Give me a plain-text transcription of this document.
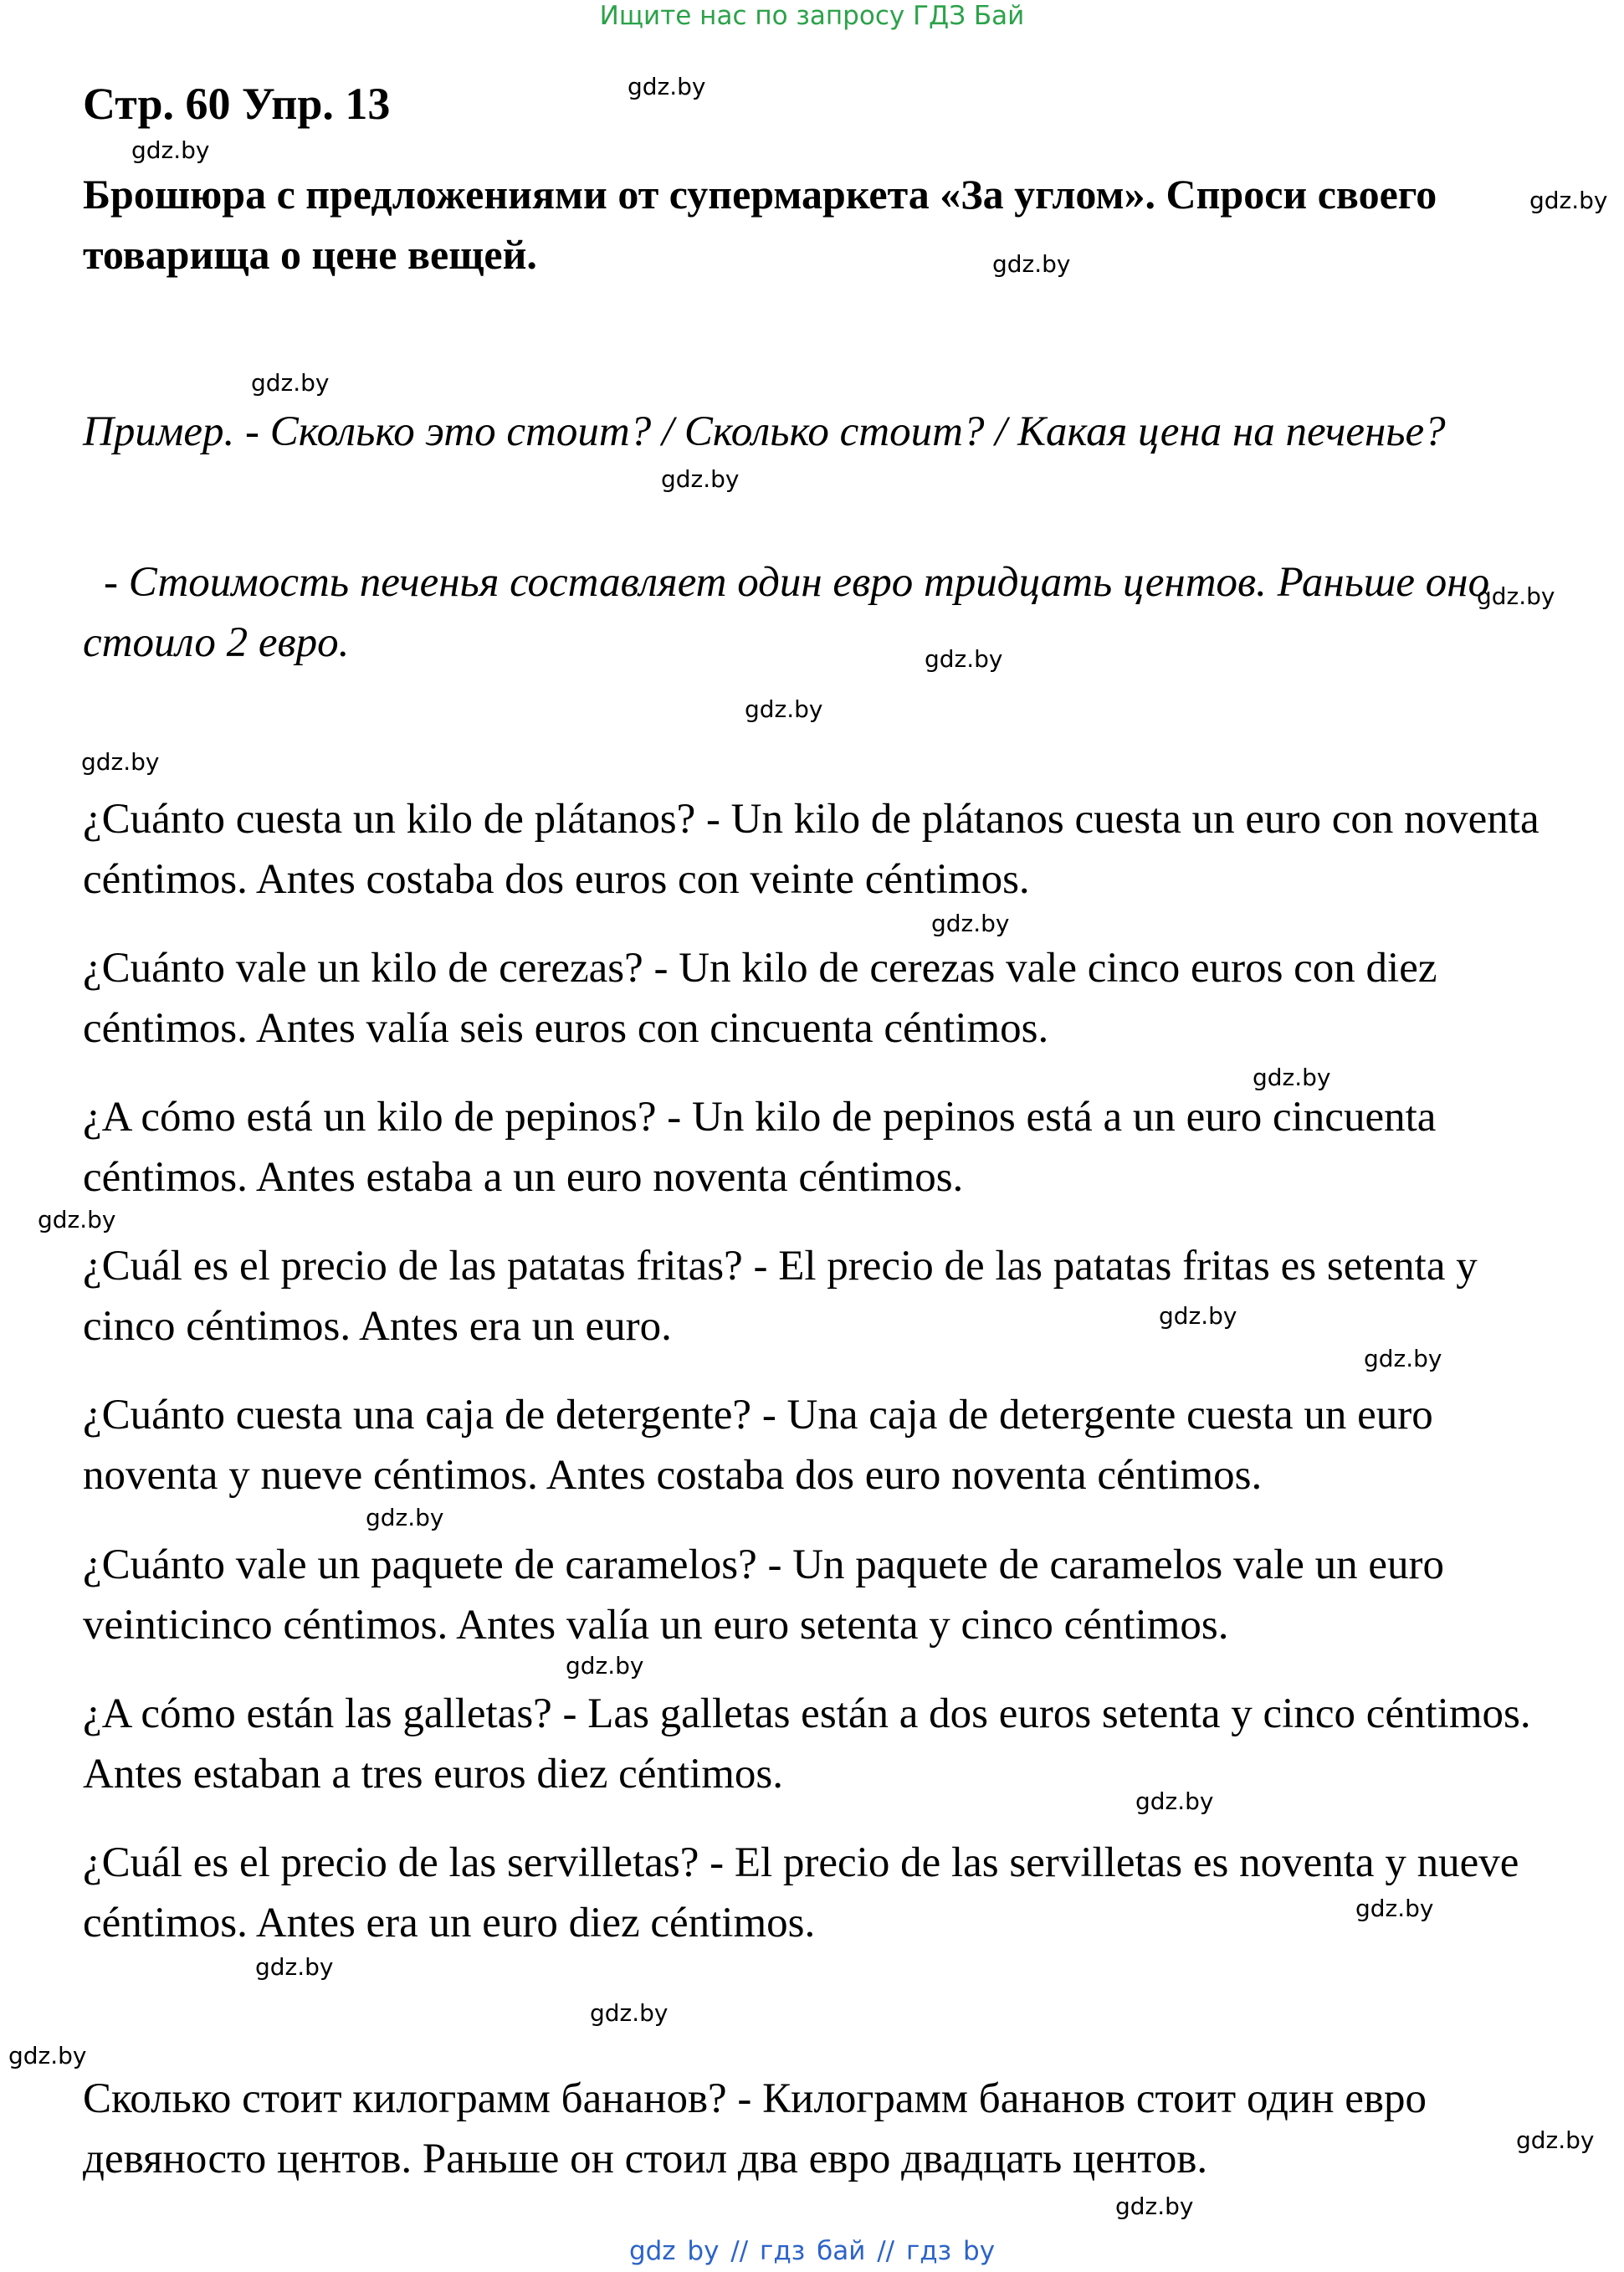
Ищите нас по запросу ГДЗ Бай
Стр. 60 Упр. 13

Брошюра с предложениями от супермаркета «За углом». Спроси своего товарища о цене вещей.

Пример. - Сколько это стоит? / Сколько стоит? / Какая цена на печенье?

- Стоимость печенья составляет один евро тридцать центов. Раньше оно стоило 2 евро.

¿Cuánto cuesta un kilo de plátanos? - Un kilo de plátanos cuesta un euro con noventa céntimos. Antes costaba dos euros con veinte céntimos.

¿Cuánto vale un kilo de cerezas? - Un kilo de cerezas vale cinco euros con diez céntimos. Antes valía seis euros con cincuenta céntimos.

¿A cómo está un kilo de pepinos? - Un kilo de pepinos está a un euro cincuenta céntimos. Antes estaba a un euro noventa céntimos.

¿Cuál es el precio de las patatas fritas? - El precio de las patatas fritas es setenta y cinco céntimos. Antes era un euro.

¿Cuánto cuesta una caja de detergente? - Una caja de detergente cuesta un euro noventa y nueve céntimos. Antes costaba dos euro noventa céntimos.

¿Cuánto vale un paquete de caramelos? - Un paquete de caramelos vale un euro veinticinco céntimos. Antes valía un euro setenta y cinco céntimos.

¿A cómo están las galletas? - Las galletas están a dos euros setenta y cinco céntimos. Antes estaban a tres euros diez céntimos.

¿Cuál es el precio de las servilletas? - El precio de las servilletas es noventa y nueve céntimos. Antes era un euro diez céntimos.

Сколько стоит килограмм бананов? - Килограмм бананов стоит один евро девяносто центов. Раньше он стоил два евро двадцать центов.

gdz.by
gdz.by
gdz.by
gdz.by
gdz.by
gdz.by
gdz.by
gdz.by
gdz.by
gdz.by
gdz.by
gdz.by
gdz.by
gdz.by
gdz.by
gdz.by
gdz.by
gdz.by
gdz.by
gdz.by
gdz.by
gdz.by
gdz.by
gdz.by
gdz by // гдз бай // гдз by
